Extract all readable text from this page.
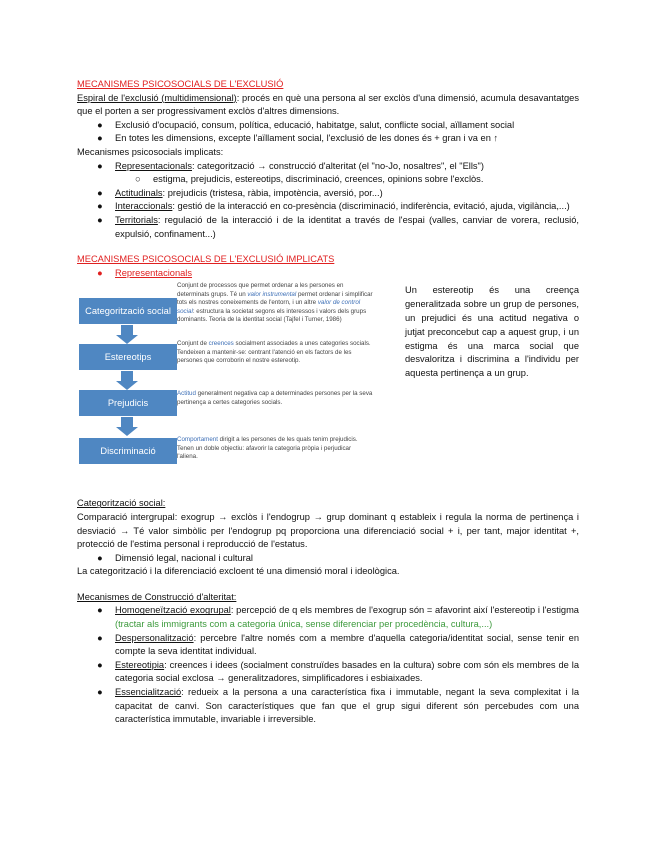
MECANISMES PSICOSOCIALS DE L'EXCLUSIÓ

Espiral de l'exclusió (multidimensional): procés en què una persona al ser exclòs d'una dimensió, acumula desavantatges que el porten a ser progressivament exclòs d'altres dimensions.

● Exclusió d'ocupació, consum, política, educació, habitatge, salut, conflicte social, aïllament social

● En totes les dimensions, excepte l'aïllament social, l'exclusió de les dones és + gran i va en ↑

Mecanismes psicosocials implicats:

● Representacionals: categorització → construcció d'alteritat (el "no-Jo, nosaltres", el "Ells")

○ estigma, prejudicis, estereotips, discriminació, creences, opinions sobre l'exclòs.

● Actitudinals: prejudicis (tristesa, ràbia, impotència, aversió, por...)

● Interaccionals: gestió de la interacció en co-presència (discriminació, indiferència, evitació, ajuda, vigilància,...)

● Territorials: regulació de la interacció i de la identitat a través de l'espai (valles, canviar de vorera, reclusió, expulsió, confinament...)

MECANISMES PSICOSOCIALS DE L'EXCLUSIÓ IMPLICATS

● Representacionals

Categorització social
Estereotips
Prejudicis
Discriminació
Conjunt de processos que permet ordenar a les persones en determinats grups. Té un valor instrumental permet ordenar i simplificar tots els nostres coneixements de l'entorn, i un altre valor de control social: estructura la societat segons els interessos i valors dels grups dominants. Teoria de la identitat social (Tajfel i Turner, 1986)
Conjunt de creences socialment associades a unes categories socials. Tendeixen a mantenir-se: centrant l'atenció en els factors de les persones que corroborin el nostre estereotip.
Actitud generalment negativa cap a determinades persones per la seva pertinença a certes categories socials.
Comportament dirigit a les persones de les quals tenim prejudicis. Tenen un doble objectiu: afavorir la categoria pròpia i perjudicar l'aliena.
Un estereotip és una creença generalitzada sobre un grup de persones, un prejudici és una actitud negativa o jutjat preconcebut cap a aquest grup, i un estigma és una marca social que desvaloritza i discrimina a l'individu per aquesta pertinença a un grup.

Categorització social:

Comparació intergrupal: exogrup → exclòs i l'endogrup → grup dominant q estableix i regula la norma de pertinença i desviació → Té valor simbòlic per l'endogrup pq proporciona una diferenciació social + i, per tant, major identitat +, protecció de l'estima personal i reproducció de l'estatus.

● Dimensió legal, nacional i cultural

La categorització i la diferenciació excloent té una dimensió moral i ideològica.

Mecanismes de Construcció d'alteritat:

● Homogeneïtzació exogrupal: percepció de q els membres de l'exogrup són = afavorint així l'estereotip i l'estigma (tractar als immigrants com a categoria única, sense diferenciar per procedència, cultura,...)

● Despersonalització: percebre l'altre només com a membre d'aquella categoria/identitat social, sense tenir en compte la seva identitat individual.

● Estereotipia: creences i idees (socialment construïdes basades en la cultura) sobre com són els membres de la categoria social exclosa → generalitzadores, simplificadores i esbiaixades.

● Essencialització: redueix a la persona a una característica fixa i immutable, negant la seva complexitat i la capacitat de canvi. Son característiques que fan que el grup sigui diferent són percebudes com una característica immutable, invariable i irreversible.
